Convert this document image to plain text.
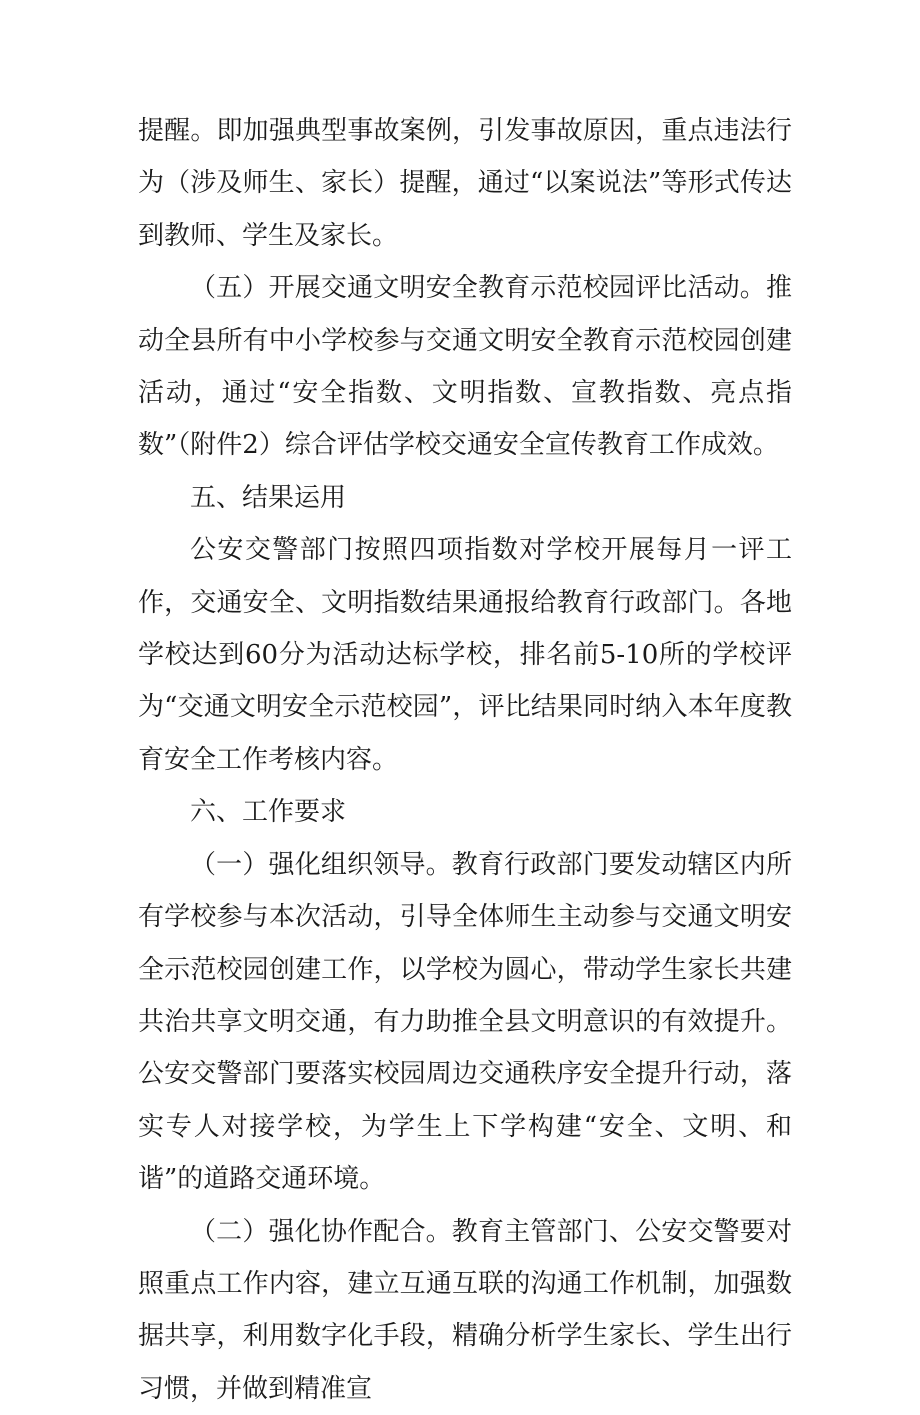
提醒。即加强典型事故案例，引发事故原因，重点违法行为（涉及师生、家长）提醒，通过“以案说法”等形式传达到教师、学生及家长。

（五）开展交通文明安全教育示范校园评比活动。推动全县所有中小学校参与交通文明安全教育示范校园创建活动，通过“安全指数、文明指数、宣教指数、亮点指数”（附件2）综合评估学校交通安全宣传教育工作成效。

五、结果运用

公安交警部门按照四项指数对学校开展每月一评工作，交通安全、文明指数结果通报给教育行政部门。各地学校达到60分为活动达标学校，排名前5-10所的学校评为“交通文明安全示范校园”，评比结果同时纳入本年度教育安全工作考核内容。

六、工作要求

（一）强化组织领导。教育行政部门要发动辖区内所有学校参与本次活动，引导全体师生主动参与交通文明安全示范校园创建工作，以学校为圆心，带动学生家长共建共治共享文明交通，有力助推全县文明意识的有效提升。公安交警部门要落实校园周边交通秩序安全提升行动，落实专人对接学校，为学生上下学构建“安全、文明、和谐”的道路交通环境。

（二）强化协作配合。教育主管部门、公安交警要对照重点工作内容，建立互通互联的沟通工作机制，加强数据共享，利用数字化手段，精确分析学生家长、学生出行习惯，并做到精准宣
